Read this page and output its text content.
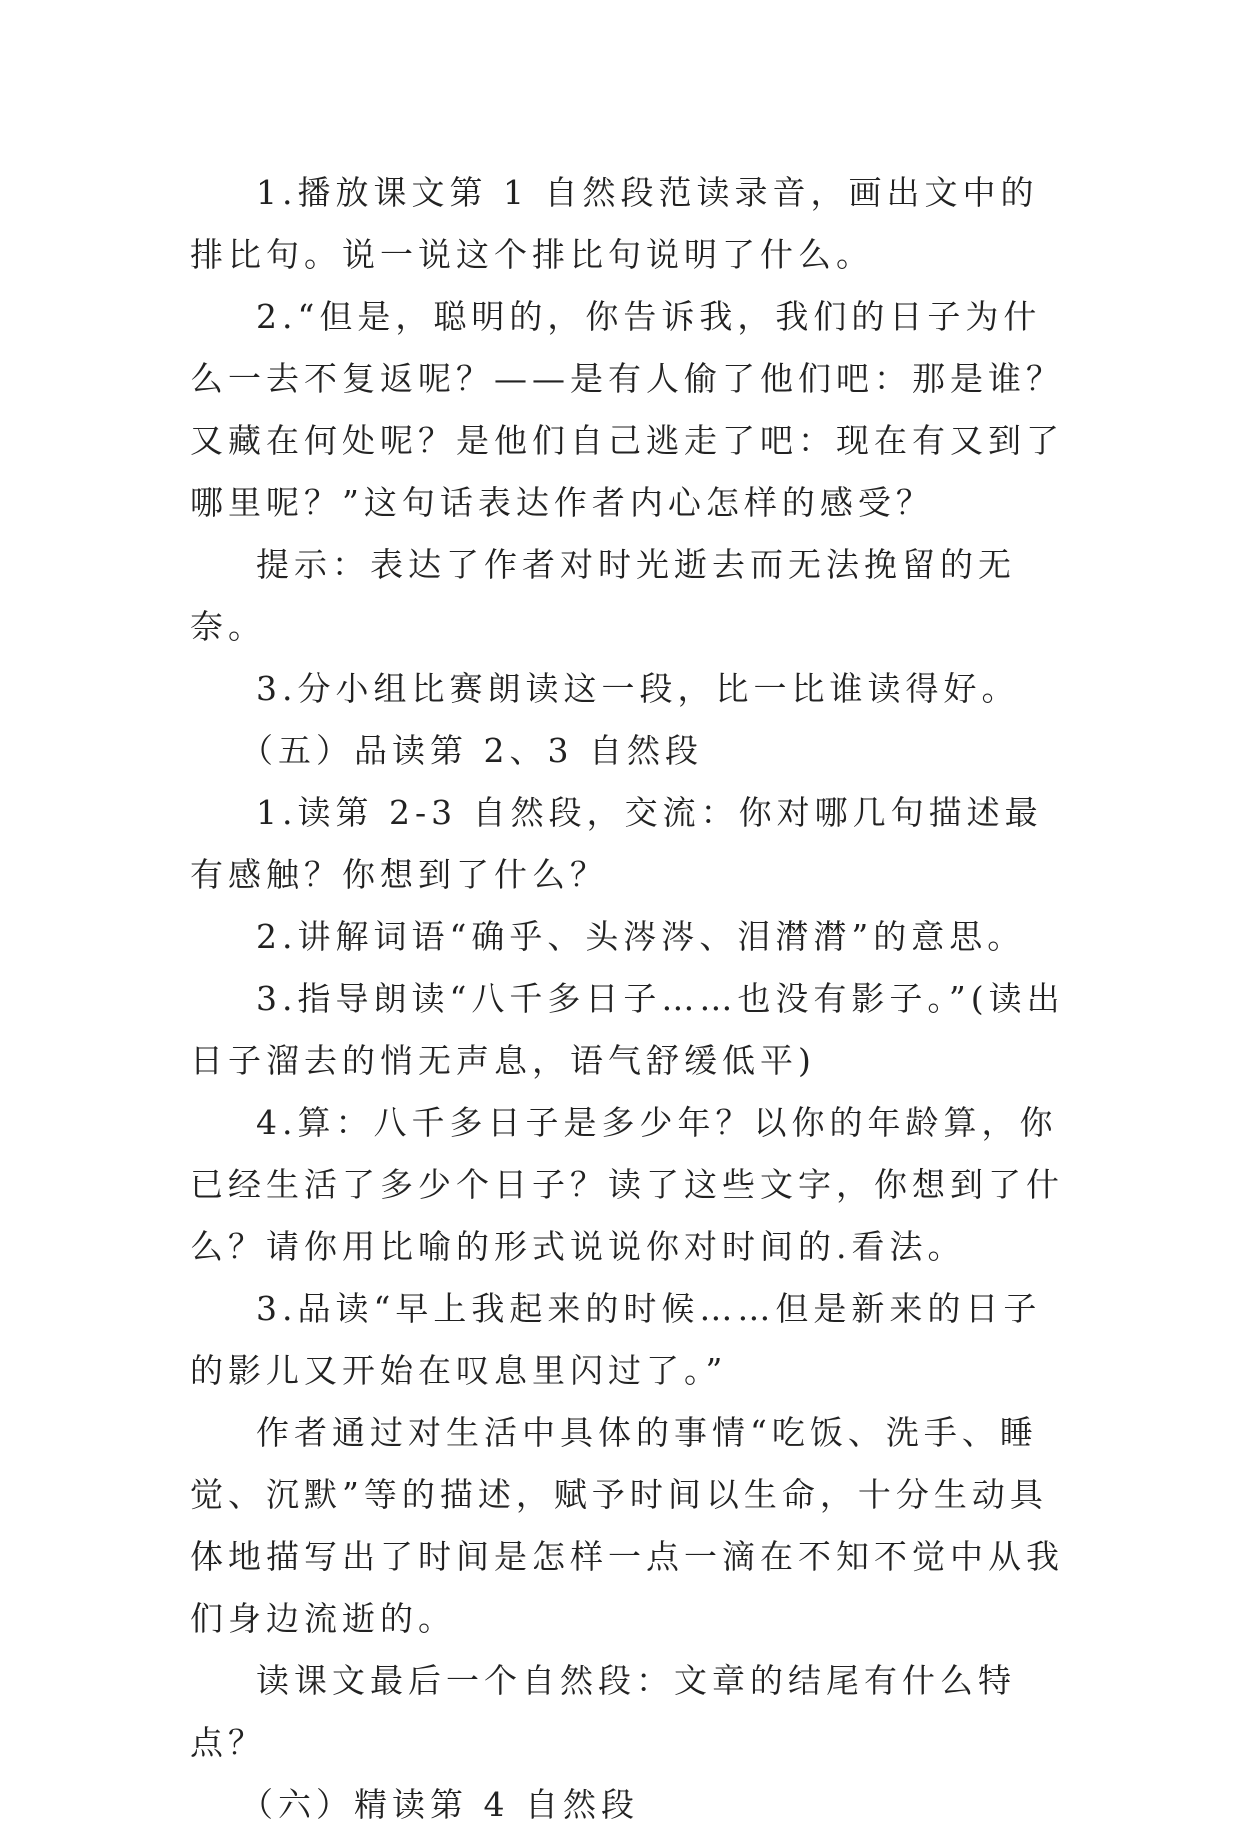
1.播放课文第 1 自然段范读录音，画出文中的排比句。说一说这个排比句说明了什么。

2.“但是，聪明的，你告诉我，我们的日子为什么一去不复返呢？——是有人偷了他们吧：那是谁？又藏在何处呢？是他们自己逃走了吧：现在有又到了哪里呢？”这句话表达作者内心怎样的感受？

提示：表达了作者对时光逝去而无法挽留的无奈。

3.分小组比赛朗读这一段，比一比谁读得好。

（五）品读第 2、3 自然段

1.读第 2-3 自然段，交流：你对哪几句描述最有感触？你想到了什么？

2.讲解词语“确乎、头涔涔、泪潸潸”的意思。

3.指导朗读“八千多日子……也没有影子。”(读出日子溜去的悄无声息，语气舒缓低平)

4.算：八千多日子是多少年？以你的年龄算，你已经生活了多少个日子？读了这些文字，你想到了什么？请你用比喻的形式说说你对时间的.看法。

3.品读“早上我起来的时候……但是新来的日子的影儿又开始在叹息里闪过了。”

作者通过对生活中具体的事情“吃饭、洗手、睡觉、沉默”等的描述，赋予时间以生命，十分生动具体地描写出了时间是怎样一点一滴在不知不觉中从我们身边流逝的。

读课文最后一个自然段：文章的结尾有什么特点？

（六）精读第 4 自然段
